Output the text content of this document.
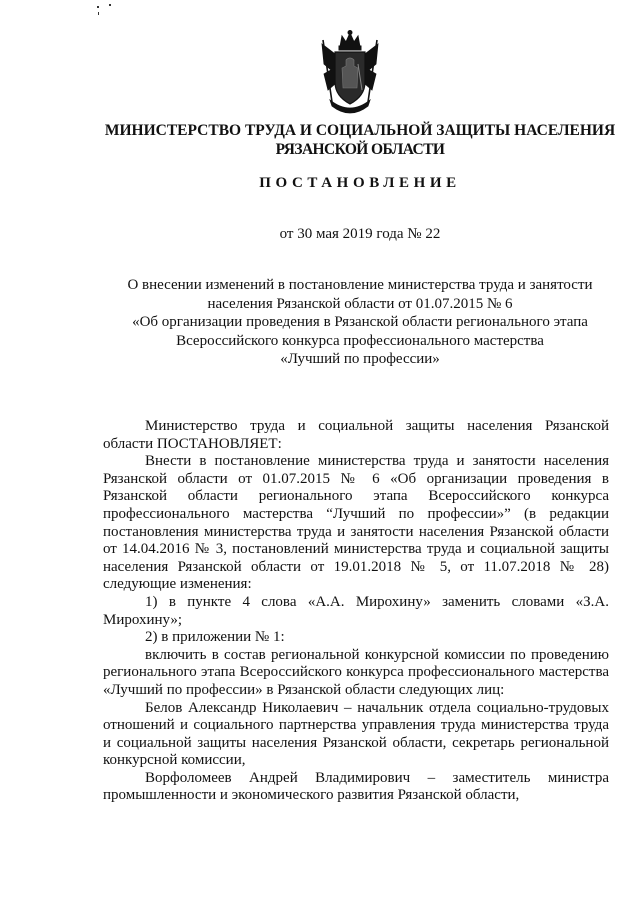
МИНИСТЕРСТВО ТРУДА И СОЦИАЛЬНОЙ ЗАЩИТЫ НАСЕЛЕНИЯ
РЯЗАНСКОЙ ОБЛАСТИ
ПОСТАНОВЛЕНИЕ
от 30 мая 2019 года № 22
О внесении изменений в постановление министерства труда и занятости
населения Рязанской области от 01.07.2015 № 6
«Об организации проведения в Рязанской области регионального этапа
Всероссийского конкурса профессионального мастерства
«Лучший по профессии»

Министерство труда и социальной защиты населения Рязанской области ПОСТАНОВЛЯЕТ:

Внести в постановление министерства труда и занятости населения Рязанской области от 01.07.2015 № 6 «Об организации проведения в Рязанской области регионального этапа Всероссийского конкурса профессионального мастерства “Лучший по профессии»” (в редакции постановления министерства труда и занятости населения Рязанской области от 14.04.2016 № 3, постановлений министерства труда и социальной защиты населения Рязанской области от 19.01.2018 № 5, от 11.07.2018 № 28) следующие изменения:

1) в пункте 4 слова «А.А. Мирохину» заменить словами «З.А. Мирохину»;

2) в приложении № 1:

включить в состав региональной конкурсной комиссии по проведению регионального этапа Всероссийского конкурса профессионального мастерства «Лучший по профессии» в Рязанской области следующих лиц:

Белов Александр Николаевич – начальник отдела социально-трудовых отношений и социального партнерства управления труда министерства труда и социальной защиты населения Рязанской области, секретарь региональной конкурсной комиссии,

Ворфоломеев Андрей Владимирович – заместитель министра промышленности и экономического развития Рязанской области,
